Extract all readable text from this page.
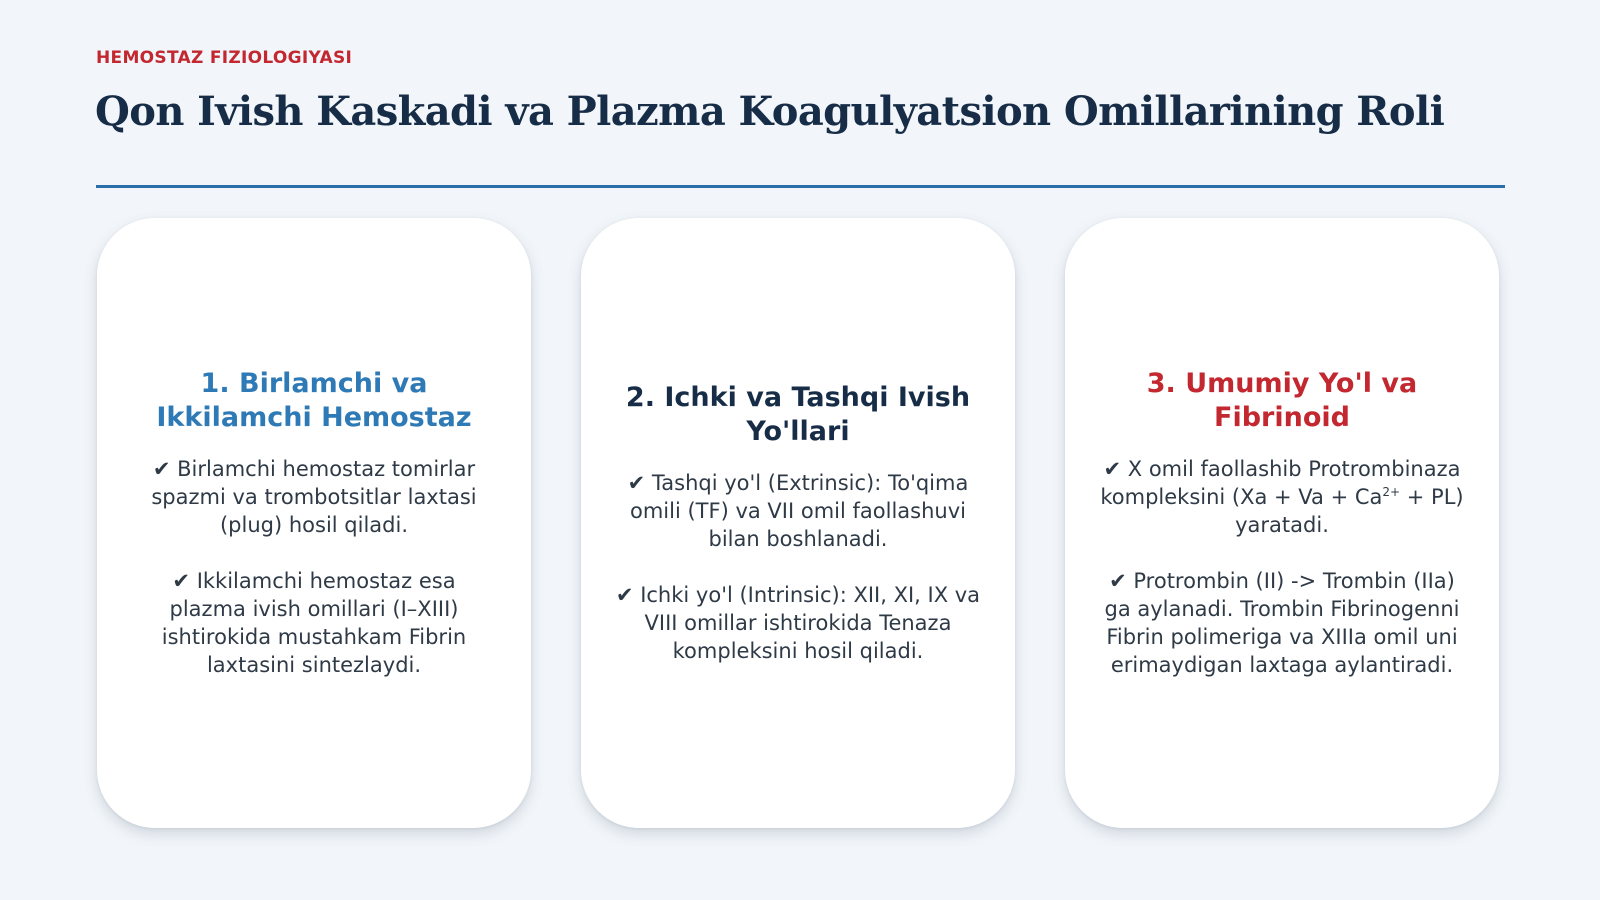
HEMOSTAZ FIZIOLOGIYASI
Qon Ivish Kaskadi va Plazma Koagulyatsion Omillarining Roli
1. Birlamchi va Ikkilamchi Hemostaz

✔ Birlamchi hemostaz tomirlar spazmi va trombotsitlar laxtasi (plug) hosil qiladi.

✔ Ikkilamchi hemostaz esa plazma ivish omillari (I–XIII) ishtirokida mustahkam Fibrin laxtasini sintezlaydi.

2. Ichki va Tashqi Ivish Yo'llari

✔ Tashqi yo'l (Extrinsic): To'qima omili (TF) va VII omil faollashuvi bilan boshlanadi.

✔ Ichki yo'l (Intrinsic): XII, XI, IX va VIII omillar ishtirokida Tenaza kompleksini hosil qiladi.

3. Umumiy Yo'l va Fibrinoid

✔ X omil faollashib Protrombinaza kompleksini $(Xa + Va + Ca^{2+} + PL)$ yaratadi.

✔ Protrombin (II) -> Trombin (IIa) ga aylanadi. Trombin Fibrinogenni Fibrin polimeriga va XIIIa omil uni erimaydigan laxtaga aylantiradi.
